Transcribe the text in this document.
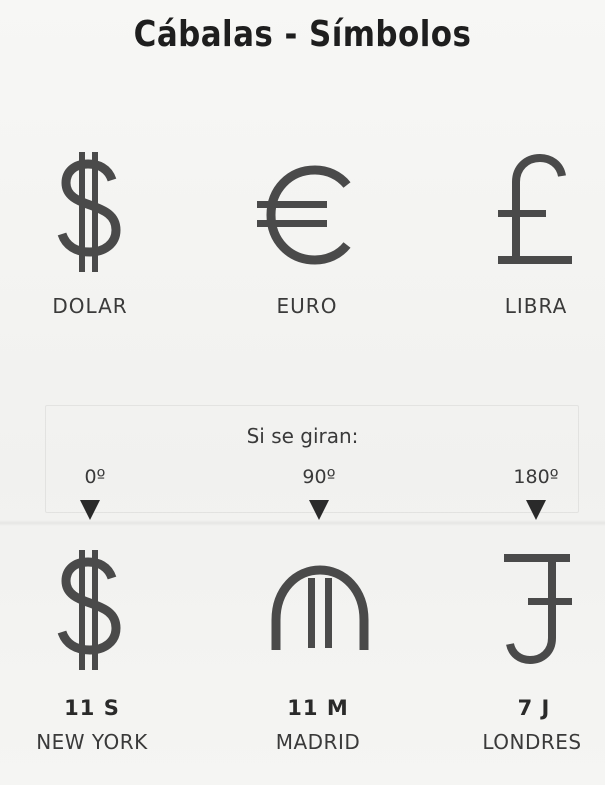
Cábalas - Símbolos
DOLAR	EURO	LIBRA
Si se giran:
0º	90º	180º
11 S	11 M	7 J
NEW YORK	MADRID	LONDRES
